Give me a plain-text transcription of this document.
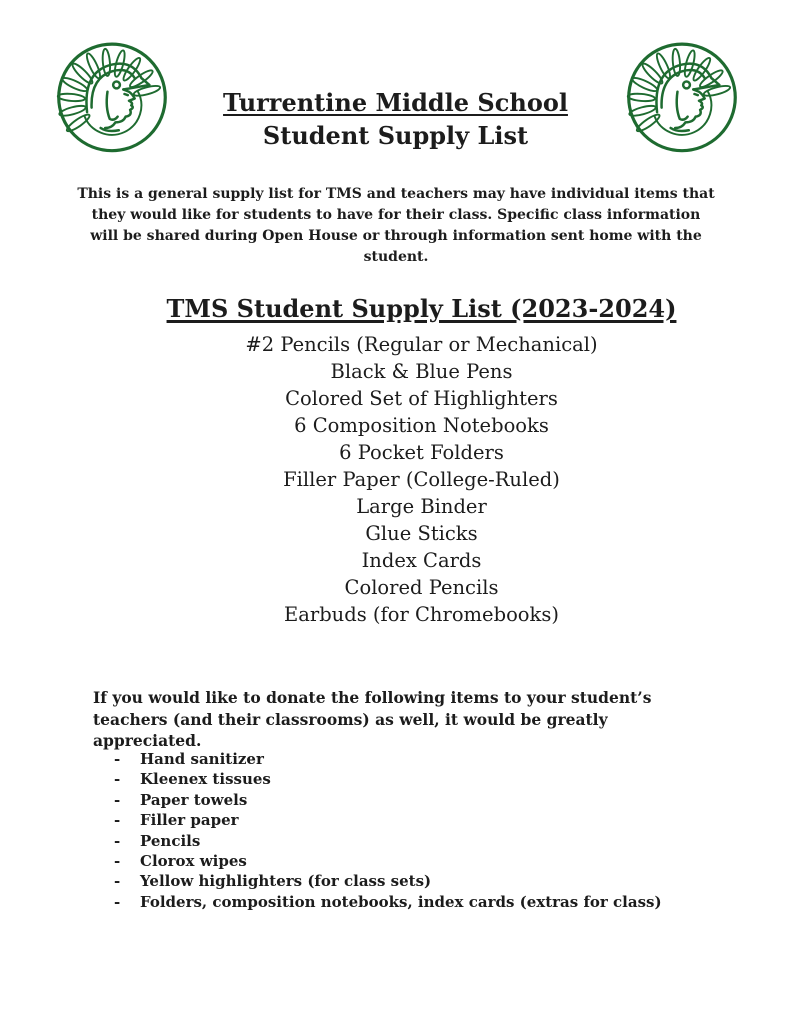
Turrentine Middle School
Student Supply List

This is a general supply list for TMS and teachers may have individual items that they would like for students to have for their class. Specific class information will be shared during Open House or through information sent home with the student.

TMS Student Supply List (2023-2024)
#2 Pencils (Regular or Mechanical)
Black & Blue Pens
Colored Set of Highlighters
6 Composition Notebooks
6 Pocket Folders
Filler Paper (College-Ruled)
Large Binder
Glue Sticks
Index Cards
Colored Pencils
Earbuds (for Chromebooks)

If you would like to donate the following items to your student’s teachers (and their classrooms) as well, it would be greatly appreciated.

-	Hand sanitizer
-	Kleenex tissues
-	Paper towels
-	Filler paper
-	Pencils
-	Clorox wipes
-	Yellow highlighters (for class sets)
-	Folders, composition notebooks, index cards (extras for class)
